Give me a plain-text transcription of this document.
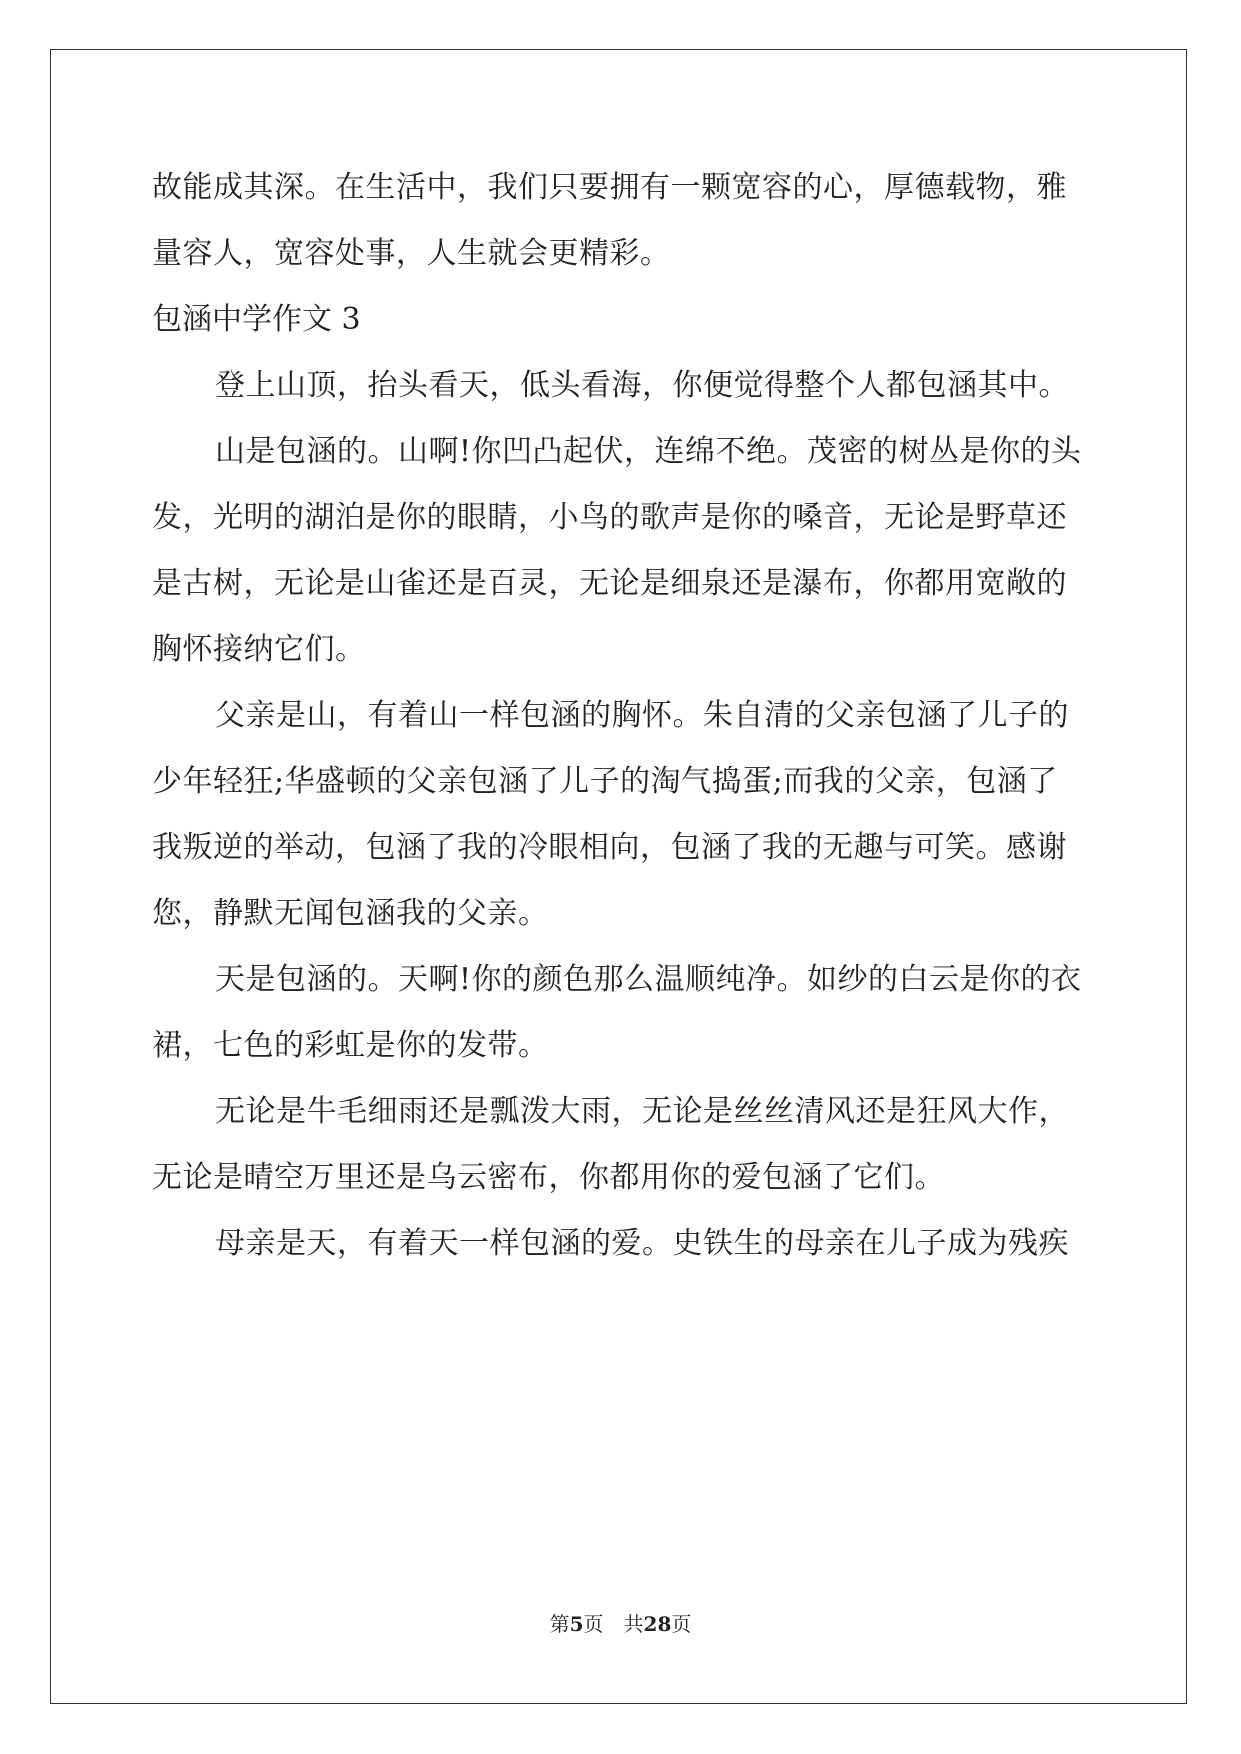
故能成其深。在生活中，我们只要拥有一颗宽容的心，厚德载物，雅
量容人，宽容处事，人生就会更精彩。
包涵中学作文 3
登上山顶，抬头看天，低头看海，你便觉得整个人都包涵其中。
山是包涵的。山啊!你凹凸起伏，连绵不绝。茂密的树丛是你的头
发，光明的湖泊是你的眼睛，小鸟的歌声是你的嗓音，无论是野草还
是古树，无论是山雀还是百灵，无论是细泉还是瀑布，你都用宽敞的
胸怀接纳它们。
父亲是山，有着山一样包涵的胸怀。朱自清的父亲包涵了儿子的
少年轻狂;华盛顿的父亲包涵了儿子的淘气捣蛋;而我的父亲，包涵了
我叛逆的举动，包涵了我的冷眼相向，包涵了我的无趣与可笑。感谢
您，静默无闻包涵我的父亲。
天是包涵的。天啊!你的颜色那么温顺纯净。如纱的白云是你的衣
裙，七色的彩虹是你的发带。
无论是牛毛细雨还是瓢泼大雨，无论是丝丝清风还是狂风大作，
无论是晴空万里还是乌云密布，你都用你的爱包涵了它们。
母亲是天，有着天一样包涵的爱。史铁生的母亲在儿子成为残疾
第5页　共28页
